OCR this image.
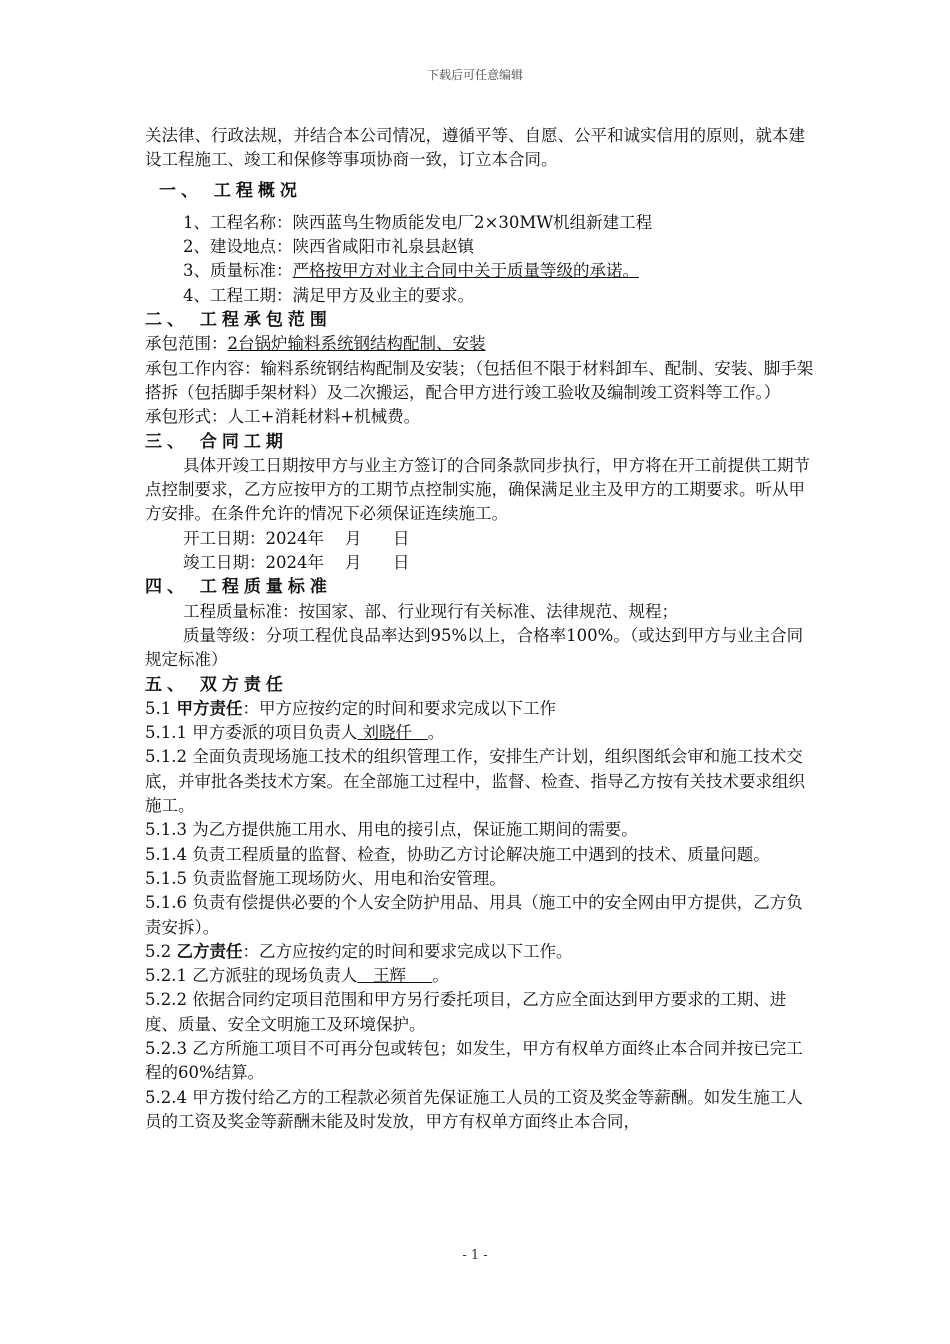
下载后可任意编辑

关法律、行政法规，并结合本公司情况，遵循平等、自愿、公平和诚实信用的原则，就本建设工程施工、竣工和保修等事项协商一致，订立本合同。

一、 工程概况

1、工程名称：陕西蓝鸟生物质能发电厂2×30MW机组新建工程

2、建设地点：陕西省咸阳市礼泉县赵镇

3、质量标准：严格按甲方对业主合同中关于质量等级的承诺。

4、工程工期：满足甲方及业主的要求。

二、 工程承包范围

承包范围：2台锅炉输料系统钢结构配制、安装

承包工作内容：输料系统钢结构配制及安装；（包括但不限于材料卸车、配制、安装、脚手架搭拆（包括脚手架材料）及二次搬运，配合甲方进行竣工验收及编制竣工资料等工作。）

承包形式：人工+消耗材料+机械费。

三、 合同工期

具体开竣工日期按甲方与业主方签订的合同条款同步执行，甲方将在开工前提供工期节点控制要求，乙方应按甲方的工期节点控制实施，确保满足业主及甲方的工期要求。听从甲方安排。在条件允许的情况下必须保证连续施工。

开工日期：2024年    月      日

竣工日期：2024年    月      日

四、 工程质量标准

工程质量标准：按国家、部、行业现行有关标准、法律规范、规程；

质量等级：分项工程优良品率达到95%以上，合格率100%。（或达到甲方与业主合同规定标准）

五、 双方责任

5.1 甲方责任：甲方应按约定的时间和要求完成以下工作

5.1.1 甲方委派的项目负责人 刘晓仟   。

5.1.2 全面负责现场施工技术的组织管理工作，安排生产计划，组织图纸会审和施工技术交底，并审批各类技术方案。在全部施工过程中，监督、检查、指导乙方按有关技术要求组织施工。

5.1.3 为乙方提供施工用水、用电的接引点，保证施工期间的需要。

5.1.4 负责工程质量的监督、检查，协助乙方讨论解决施工中遇到的技术、质量问题。

5.1.5 负责监督施工现场防火、用电和治安管理。

5.1.6 负责有偿提供必要的个人安全防护用品、用具（施工中的安全网由甲方提供，乙方负责安拆）。

5.2 乙方责任：乙方应按约定的时间和要求完成以下工作。

5.2.1 乙方派驻的现场负责人   王辉     。

5.2.2 依据合同约定项目范围和甲方另行委托项目，乙方应全面达到甲方要求的工期、进度、质量、安全文明施工及环境保护。

5.2.3 乙方所施工项目不可再分包或转包；如发生，甲方有权单方面终止本合同并按已完工程的60%结算。

5.2.4 甲方拨付给乙方的工程款必须首先保证施工人员的工资及奖金等薪酬。如发生施工人员的工资及奖金等薪酬未能及时发放，甲方有权单方面终止本合同，

- 1 -
